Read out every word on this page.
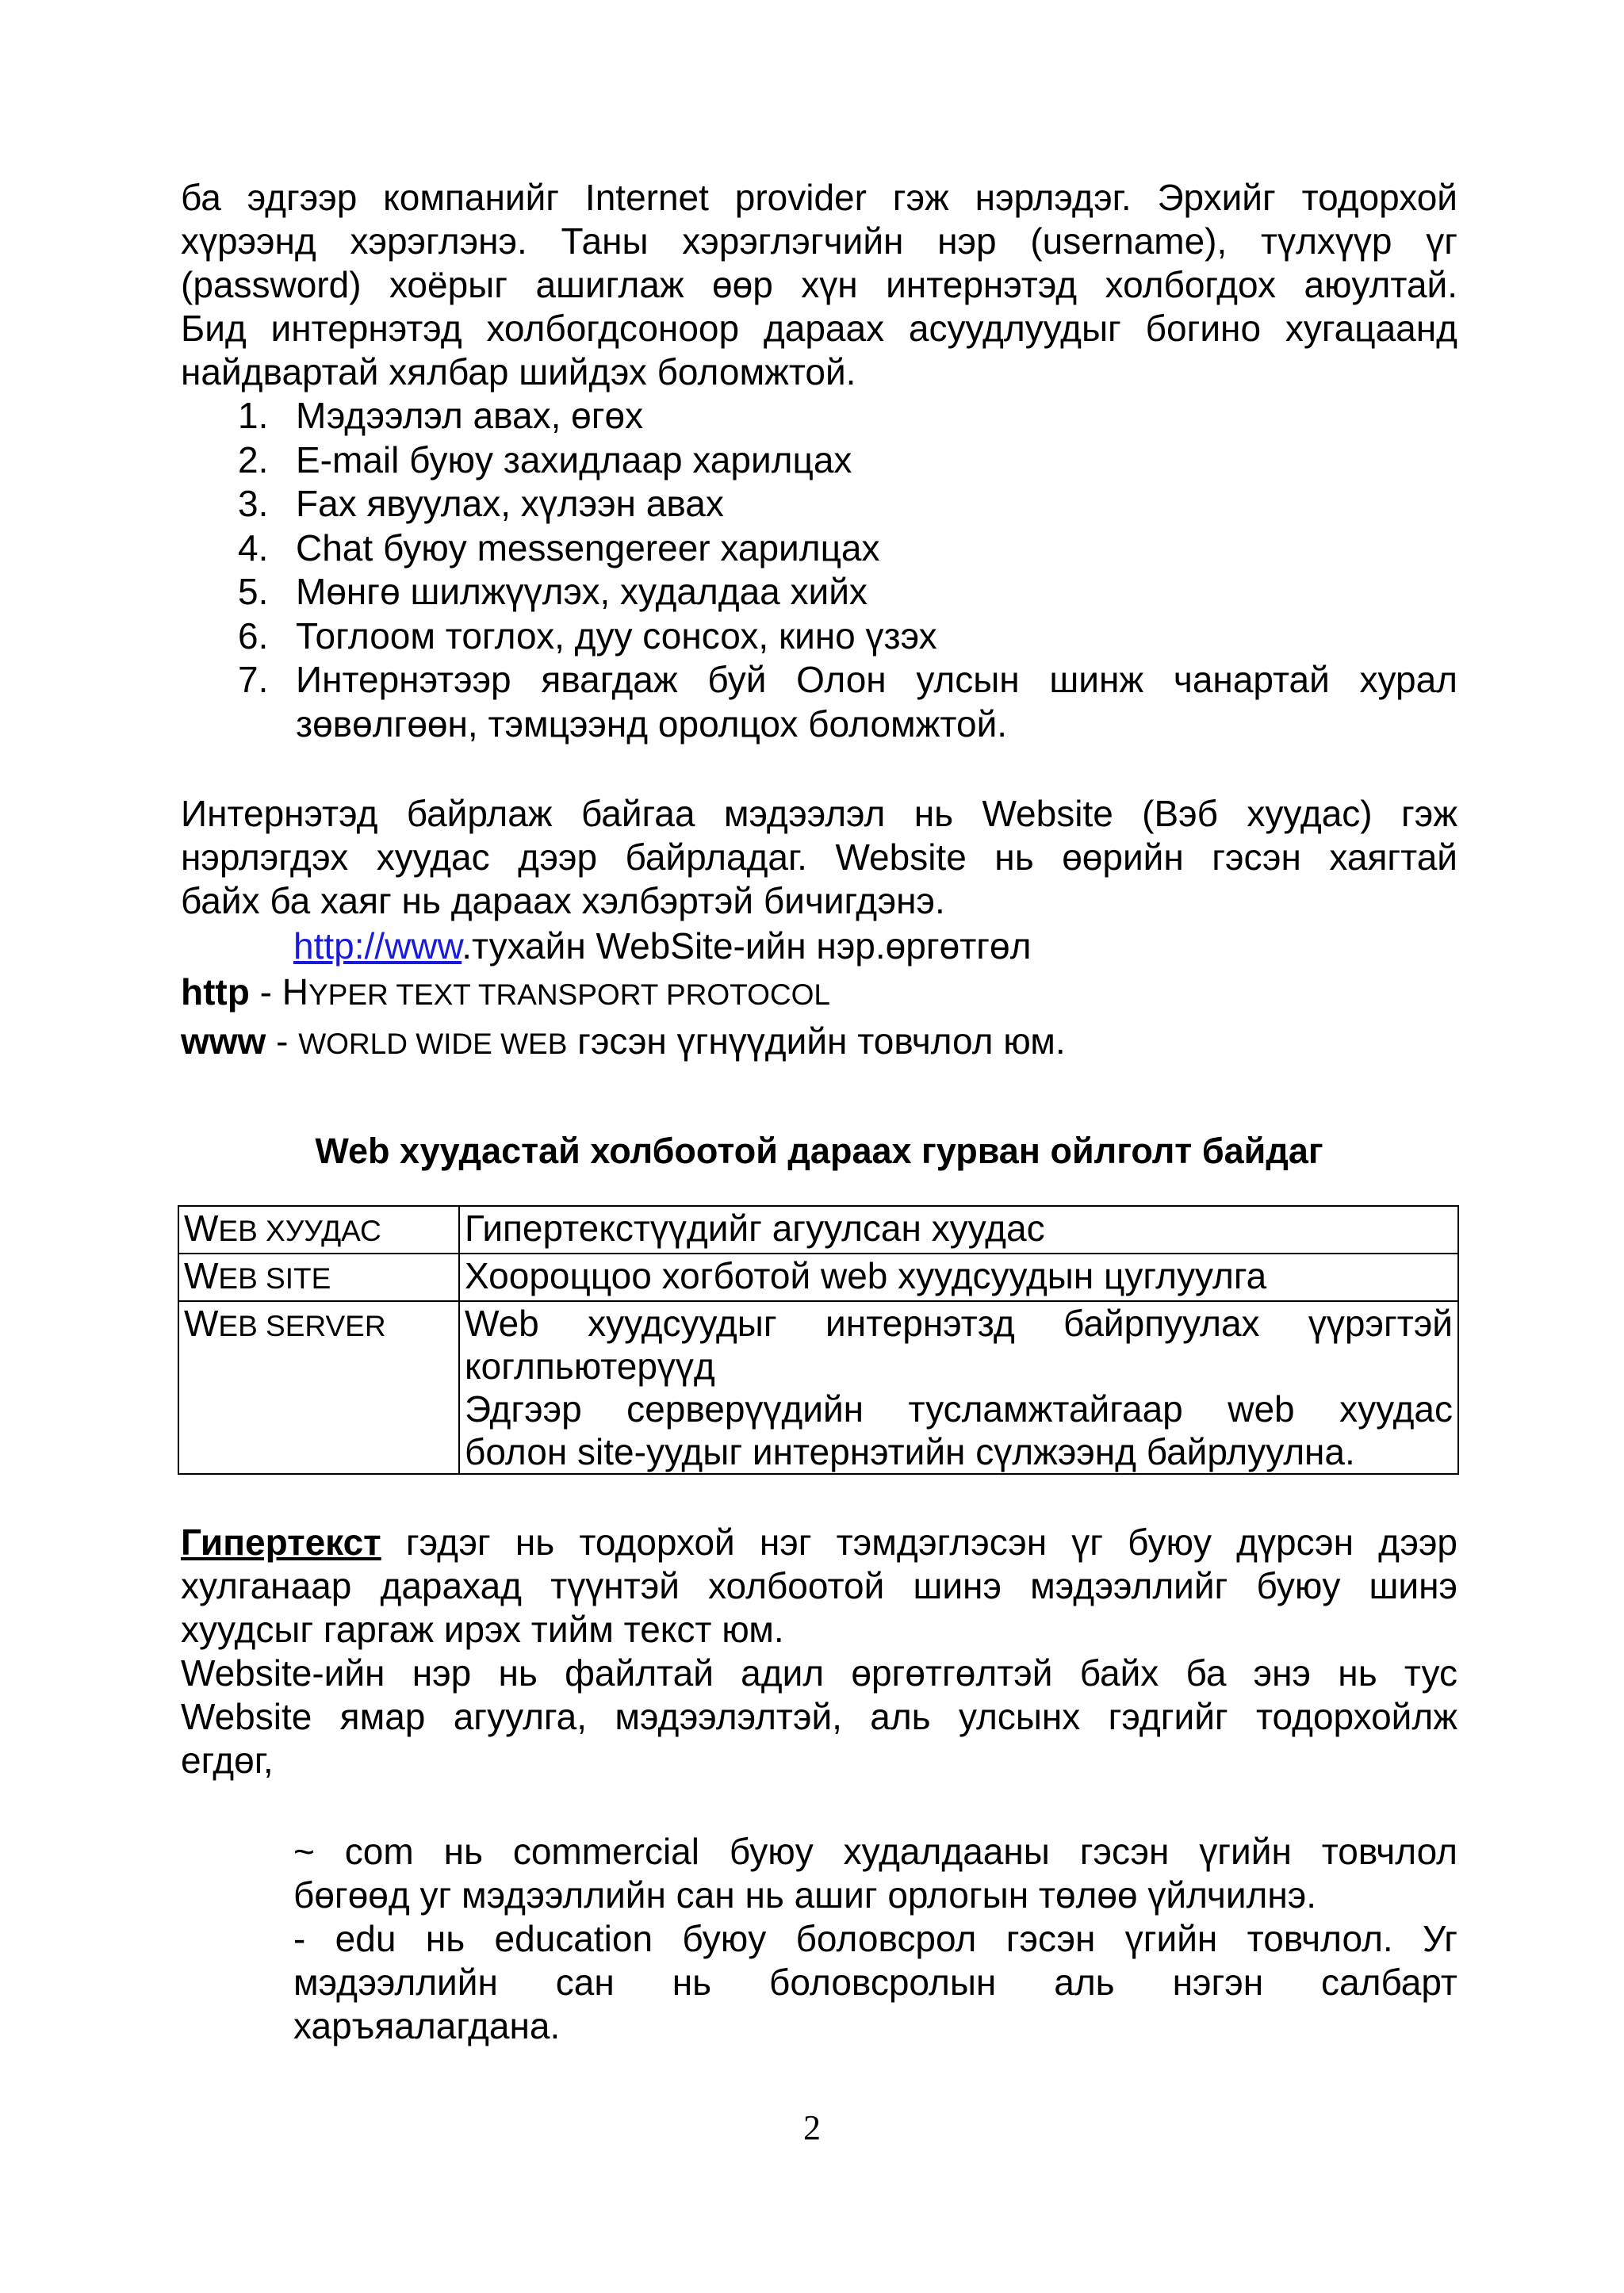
ба эдгээр компанийг Internet provider гэж нэрлэдэг. Эрхийг тодорхой
хүрээнд хэрэглэнэ. Таны хэрэглэгчийн нэр (username), түлхүүр үг
(password) хоёрыг ашиглаж өөр хүн интернэтэд холбогдох аюултай.
Бид интернэтэд холбогдсоноор дараах асуудлуудыг богино хугацаанд
найдвартай хялбар шийдэх боломжтой.
1. Мэдээлэл авах, өгөх
2. E-mail буюу захидлаар харилцах
3. Fax явуулах, хүлээн авах
4. Chat буюу messengereer харилцах
5. Мөнгө шилжүүлэх, худалдаа хийх
6. Тоглоом тоглох, дуу сонсох, кино үзэх
7. Интернэтээр явагдаж буй Олон улсын шинж чанартай хурал
зөвөлгөөн, тэмцээнд оролцох боломжтой.
Интернэтэд байрлаж байгаа мэдээлэл нь Website (Вэб хуудас) гэж
нэрлэгдэх хуудас дээр байрладаг. Website нь өөрийн гэсэн хаягтай
байх ба хаяг нь дараах хэлбэртэй бичигдэнэ.

http://www.тухайн WebSite-ийн нэр.өргөтгөл

http - HYPER TEXT TRANSPORT PROTOCOL

www - WORLD WIDE WEB гэсэн үгнүүдийн товчлол юм.

Web хуудастай холбоотой дараах гурван ойлголт байдаг

WEB ХУУДАС	Гипертекстүүдийг агуулсан хуудас

WEB SITE	Хоороццоо хогботой web хуудсуудын цуглуулга

WEB SERVER	Web хуудсуудыг интернэтзд байрпуулах үүрэгтэй
коглпьютерүүд
Эдгээр серверүүдийн тусламжтайгаар web хуудас
болон site-уудыг интернэтийн сүлжээнд байрлуулна.
Гипертекст гэдэг нь тодорхой нэг тэмдэглэсэн үг буюу дүрсэн дээр
хулганаар дарахад түүнтэй холбоотой шинэ мэдээллийг буюу шинэ
хуудсыг гаргаж ирэх тийм текст юм.
Website-ийн нэр нь файлтай адил өргөтгөлтэй байх ба энэ нь тус
Website ямар агуулга, мэдээлэлтэй, аль улсынх гэдгийг тодорхойлж
егдөг,
~ com нь commercial буюу худалдааны гэсэн үгийн товчлол
бөгөөд уг мэдээллийн сан нь ашиг орлогын төлөө үйлчилнэ.
- edu нь education буюу боловсрол гэсэн үгийн товчлол. Уг
мэдээллийн сан нь боловсролын аль нэгэн салбарт
харъяалагдана.
2
